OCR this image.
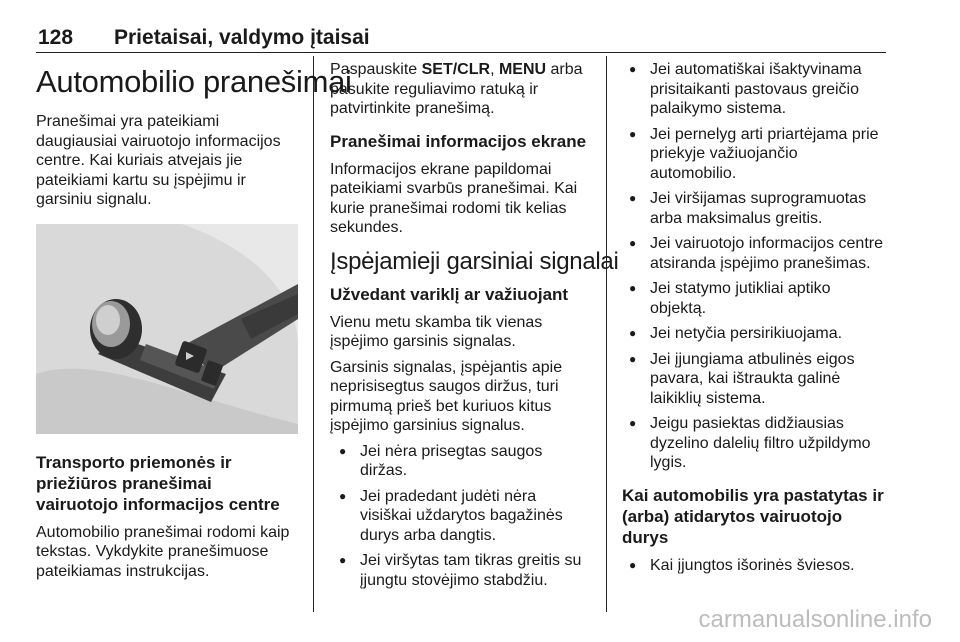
128 Prietaisai, valdymo įtaisai
Automobilio pranešimai

Pranešimai yra pateikiami daugiausiai vairuotojo informacijos centre. Kai kuriais atvejais jie pateikiami kartu su įspėjimu ir garsiniu signalu.

Transporto priemonės ir priežiūros pranešimai vairuotojo informacijos centre

Automobilio pranešimai rodomi kaip tekstas. Vykdykite pranešimuose pateikiamas instrukcijas.

Paspauskite SET/CLR, MENU arba pasukite reguliavimo ratuką ir patvirtinkite pranešimą.

Pranešimai informacijos ekrane

Informacijos ekrane papildomai pateikiami svarbūs pranešimai. Kai kurie pranešimai rodomi tik kelias sekundes.

Įspėjamieji garsiniai signalai
Užvedant variklį ar važiuojant

Vienu metu skamba tik vienas įspėjimo garsinis signalas.

Garsinis signalas, įspėjantis apie neprisisegtus saugos diržus, turi pirmumą prieš bet kuriuos kitus įspėjimo garsinius signalus.

● Jei nėra prisegtas saugos diržas.
● Jei pradedant judėti nėra visiškai uždarytos bagažinės durys arba dangtis.
● Jei viršytas tam tikras greitis su įjungtu stovėjimo stabdžiu.
● Jei automatiškai išaktyvinama prisitaikanti pastovaus greičio palaikymo sistema.
● Jei pernelyg arti priartėjama prie priekyje važiuojančio automobilio.
● Jei viršijamas suprogramuotas arba maksimalus greitis.
● Jei vairuotojo informacijos centre atsiranda įspėjimo pranešimas.
● Jei statymo jutikliai aptiko objektą.
● Jei netyčia persirikiuojama.
● Jei įjungiama atbulinės eigos pavara, kai ištraukta galinė laikiklių sistema.
● Jeigu pasiektas didžiausias dyzelino dalelių filtro užpildymo lygis.
Kai automobilis yra pastatytas ir (arba) atidarytos vairuotojo durys
● Kai įjungtos išorinės šviesos.
carmanualsonline.info
